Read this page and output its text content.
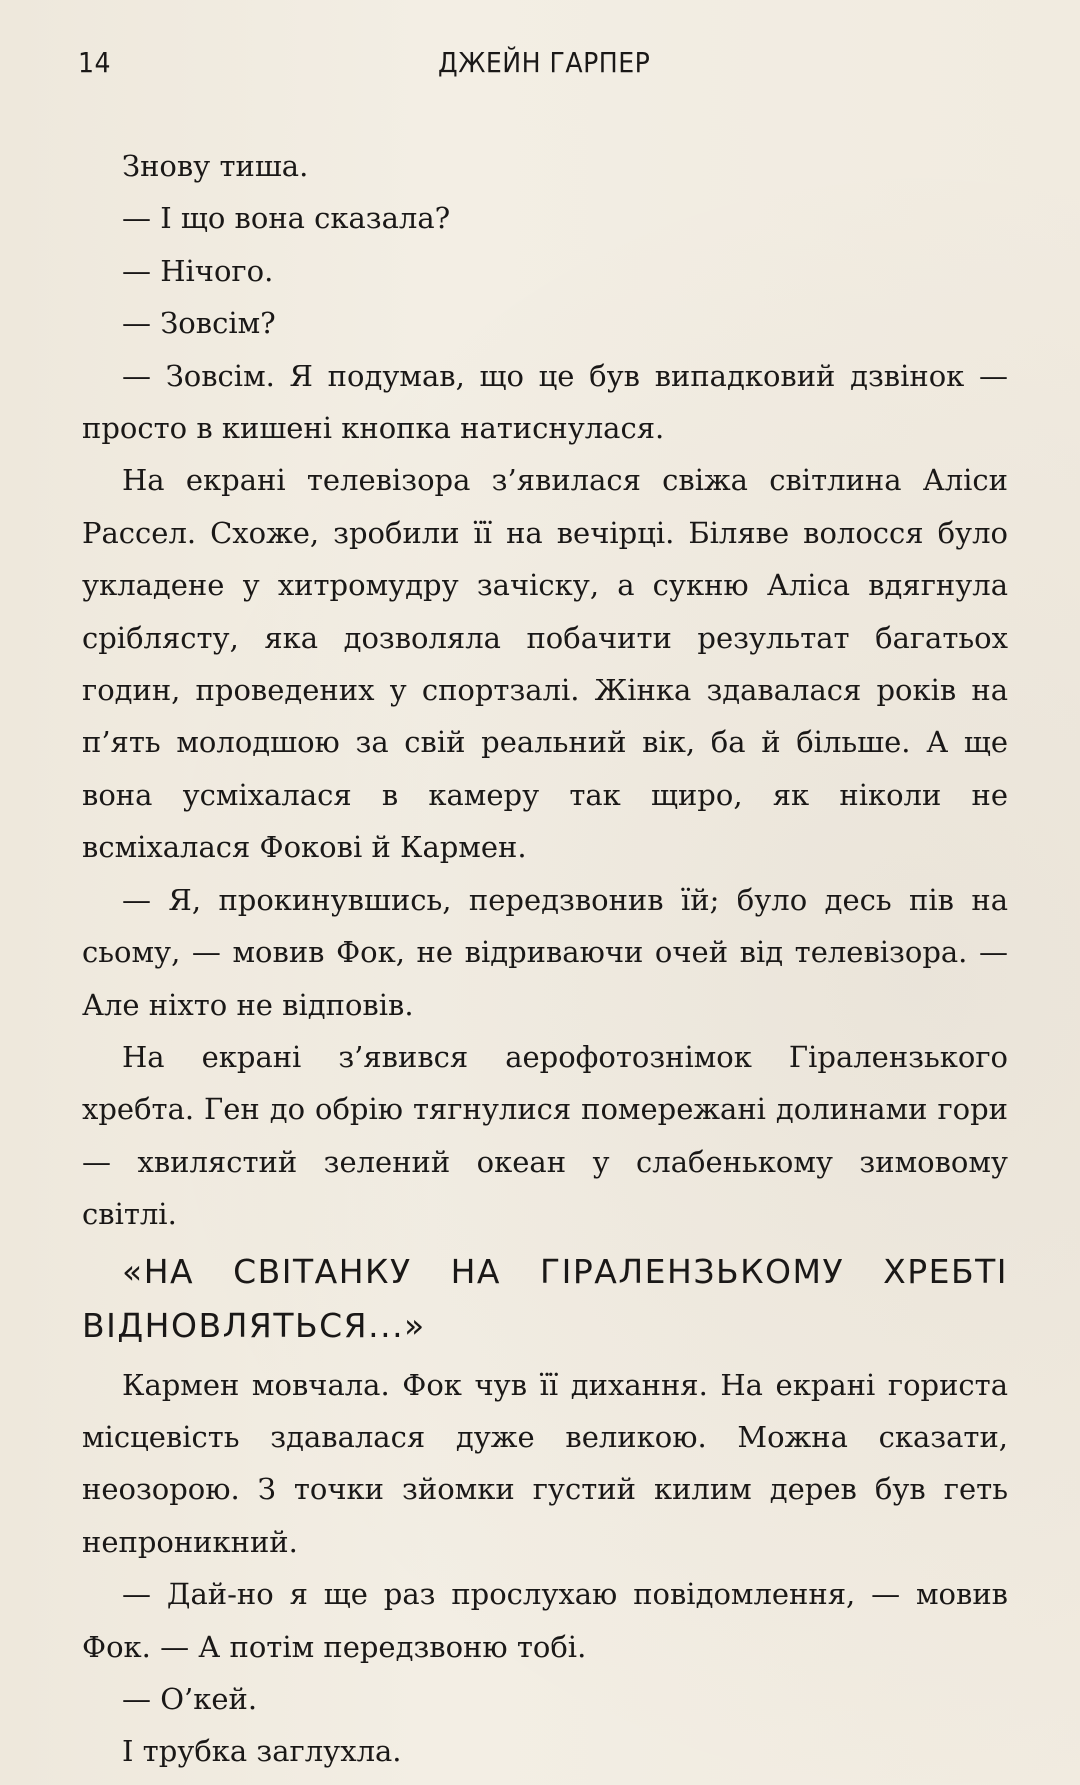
14	ДЖЕЙН ГАРПЕР

Знову тиша.

— І що вона сказала?

— Нічого.

— Зовсім?

— Зовсім. Я подумав, що це був випадковий дзвінок — просто в кишені кнопка натиснулася.

На екрані телевізора з’явилася свіжа світлина Аліси Рассел. Схоже, зробили її на вечірці. Біляве волосся було укладене у хитромудру зачіску, а сукню Аліса вдягнула сріблясту, яка дозволяла побачити результат багатьох годин, проведених у спортзалі. Жінка здавалася років на п’ять молодшою за свій реальний вік, ба й більше. А ще вона усміхалася в камеру так щиро, як ніколи не всміхалася Фокові й Кармен.

— Я, прокинувшись, передзвонив їй; було десь пів на сьому, — мовив Фок, не відриваючи очей від телевізора. — Але ніхто не відповів.

На екрані з’явився аерофотознімок Гіралензького хребта. Ген до обрію тягнулися помережані долинами гори — хвилястий зелений океан у слабенькому зимовому світлі.

«НА СВІТАНКУ НА ГІРАЛЕНЗЬКОМУ ХРЕБТІ ВІДНОВЛЯТЬСЯ...»

Кармен мовчала. Фок чув її дихання. На екрані гориста місцевість здавалася дуже великою. Можна сказати, неозорою. З точки зйомки густий килим дерев був геть непроникний.

— Дай-но я ще раз прослухаю повідомлення, — мовив Фок. — А потім передзвоню тобі.

— О’кей.

І трубка заглухла.
